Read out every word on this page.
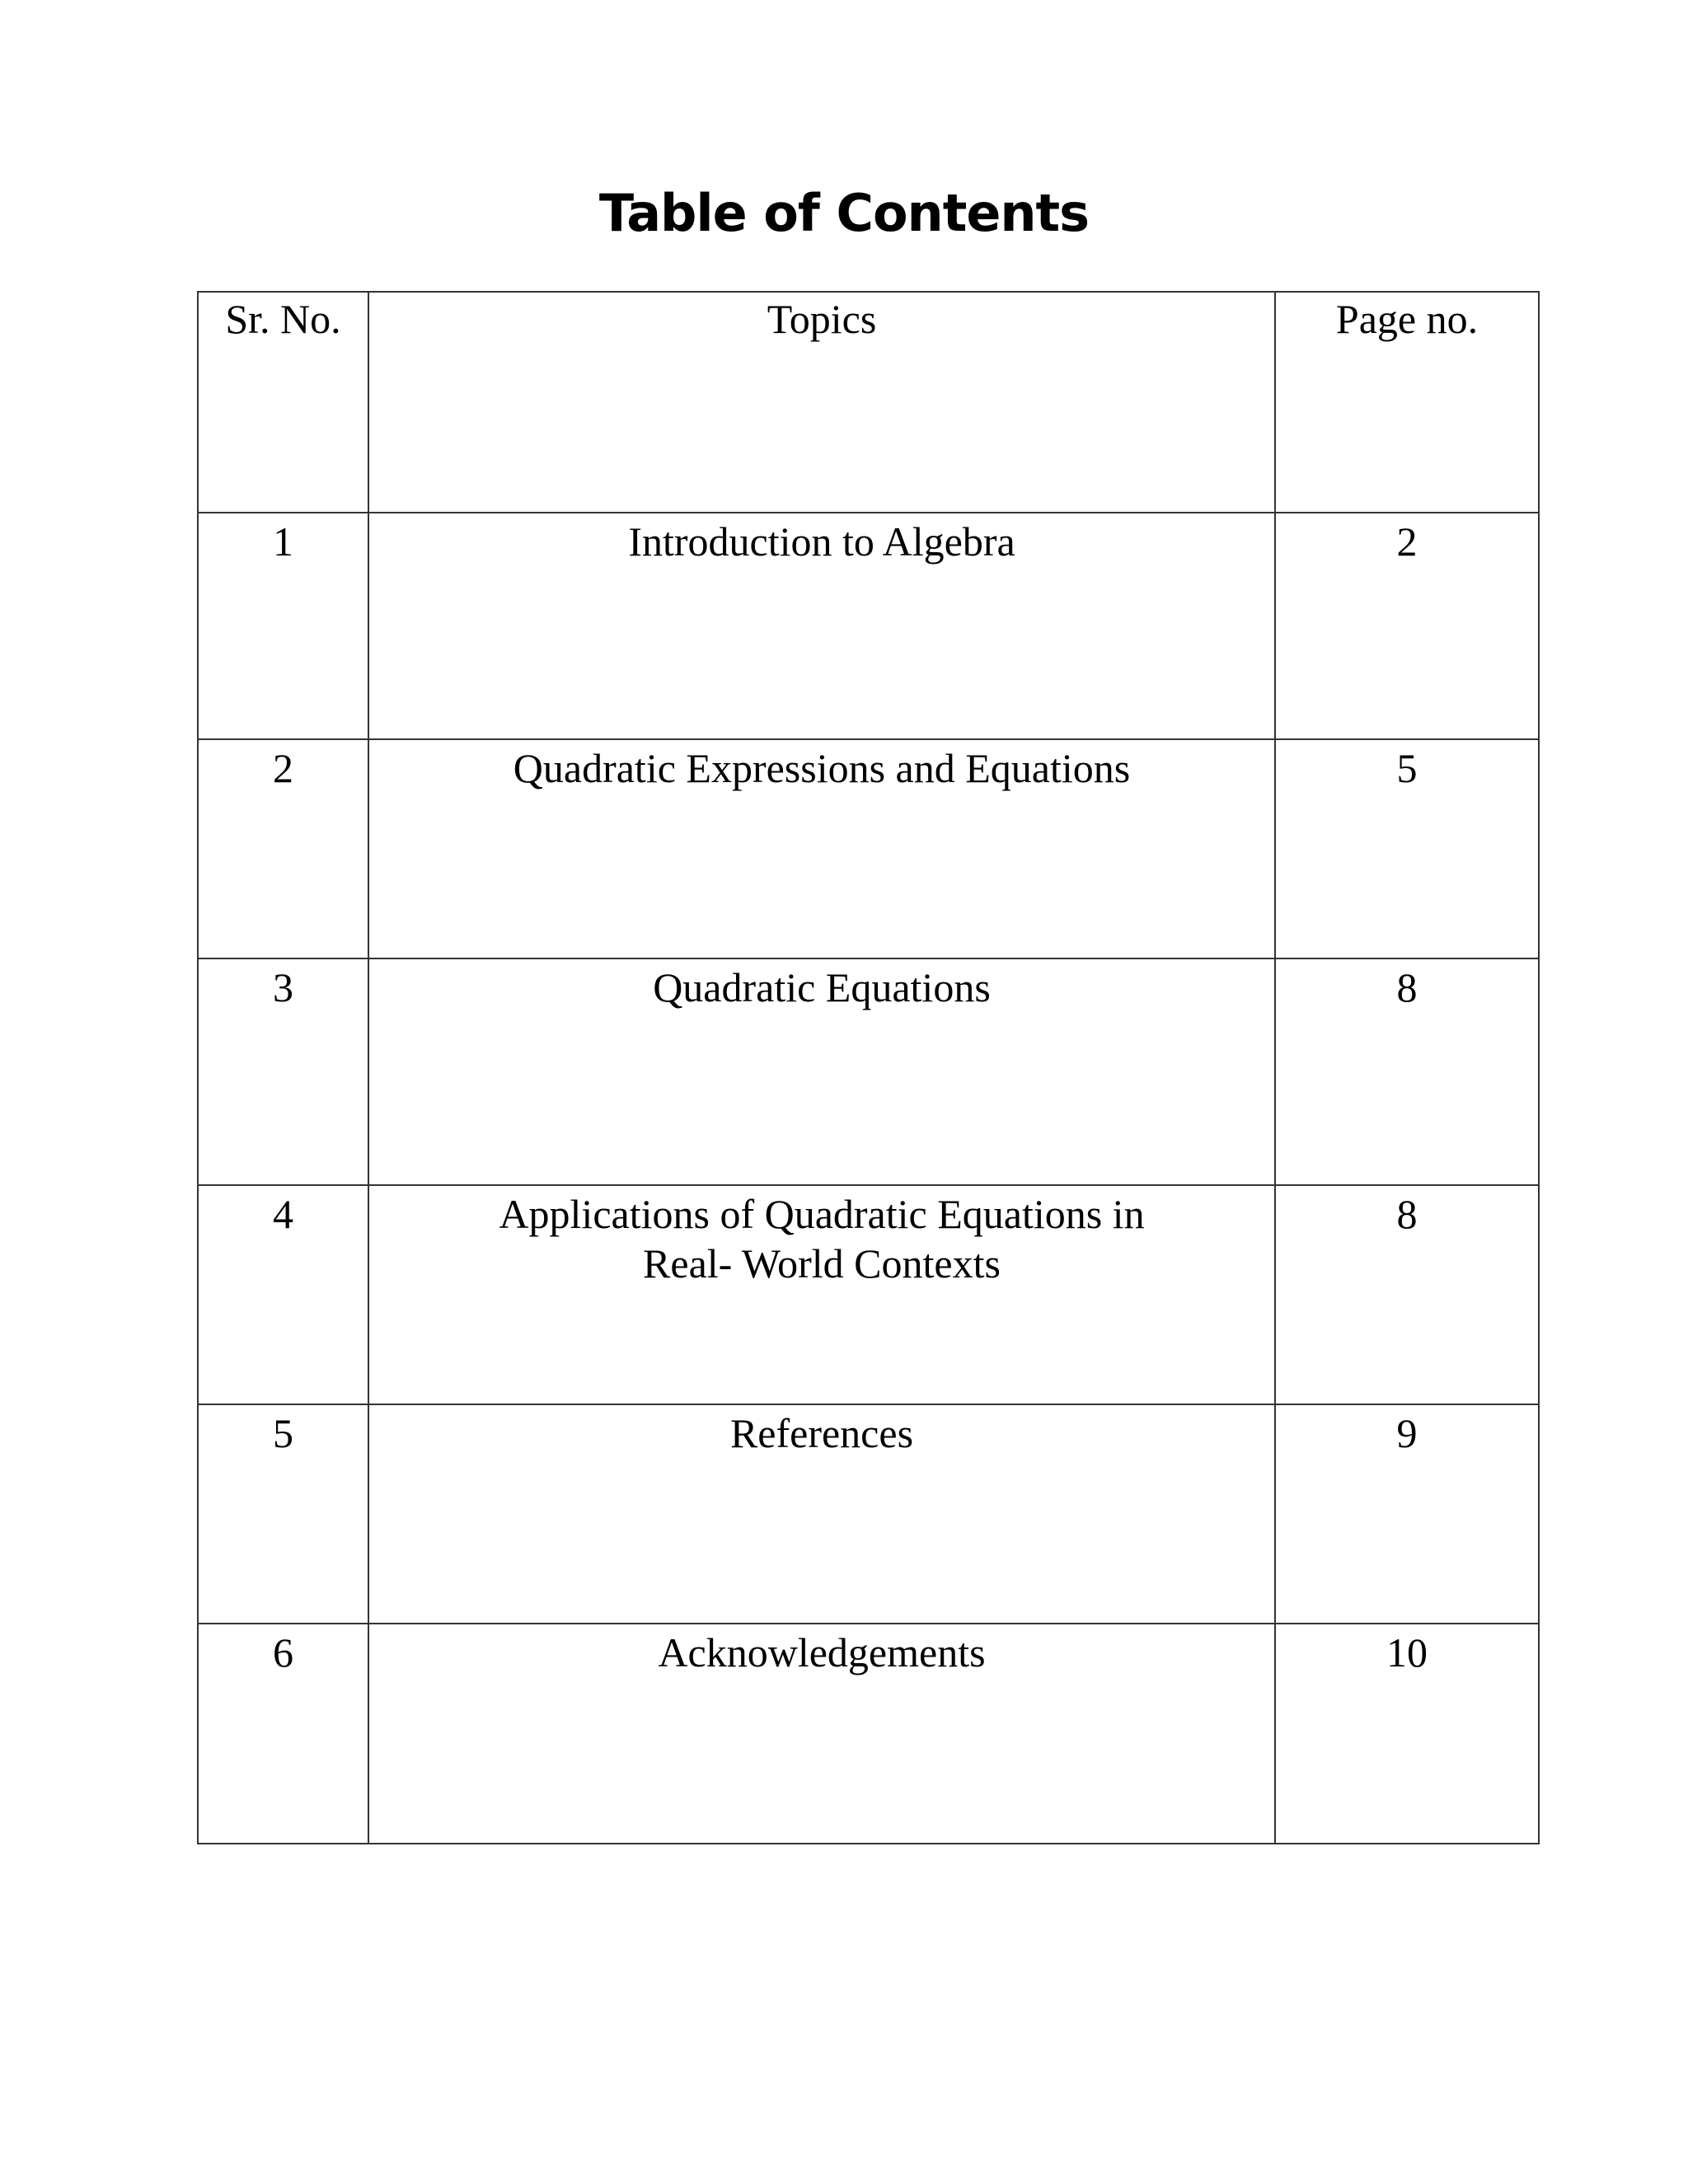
Table of Contents
Sr. No.	Topics	Page no.

1	Introduction to Algebra	2

2	Quadratic Expressions and Equations	5

3	Quadratic Equations	8

4	Applications of Quadratic Equations in
Real- World Contexts	8

5	References	9

6	Acknowledgements	10
